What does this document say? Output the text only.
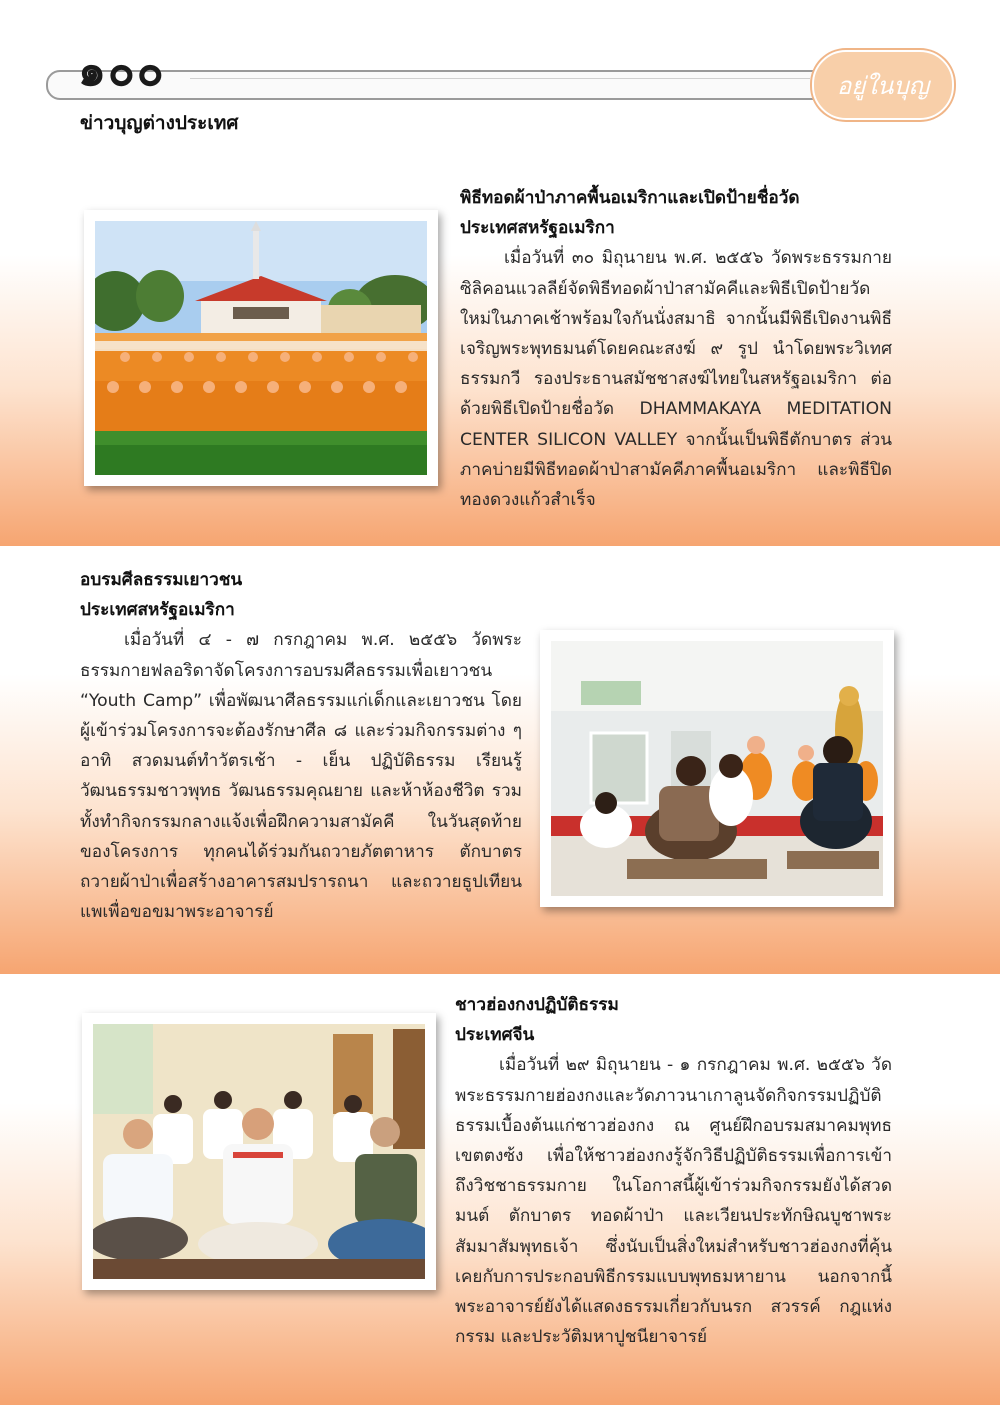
๑๐๐	อยู่ในบุญ
ข่าวบุญต่างประเทศ
พิธีทอดผ้าป่าภาคพื้นอเมริกาและเปิดป้ายชื่อวัด
ประเทศสหรัฐอเมริกา

เมื่อวันที่ ๓๐ มิถุนายน พ.ศ. ๒๕๕๖ วัดพระธรรมกายซิลิคอนแวลลีย์จัดพิธีทอดผ้าป่าสามัคคีและพิธีเปิดป้ายวัดใหม่ในภาคเช้าพร้อมใจกันนั่งสมาธิ จากนั้นมีพิธีเปิดงานพิธีเจริญพระพุทธมนต์โดยคณะสงฆ์ ๙ รูป นำโดยพระวิเทศธรรมกวี รองประธานสมัชชาสงฆ์ไทยในสหรัฐอเมริกา ต่อด้วยพิธีเปิดป้ายชื่อวัด DHAMMAKAYA MEDITATION CENTER SILICON VALLEY จากนั้นเป็นพิธีตักบาตร ส่วนภาคบ่ายมีพิธีทอดผ้าป่าสามัคคีภาคพื้นอเมริกา และพิธีปิดทองดวงแก้วสำเร็จ

อบรมศีลธรรมเยาวชน
ประเทศสหรัฐอเมริกา

เมื่อวันที่ ๔ - ๗ กรกฎาคม พ.ศ. ๒๕๕๖ วัดพระธรรมกายฟลอริดาจัดโครงการอบรมศีลธรรมเพื่อเยาวชน “Youth Camp” เพื่อพัฒนาศีลธรรมแก่เด็กและเยาวชน โดยผู้เข้าร่วมโครงการจะต้องรักษาศีล ๘ และร่วมกิจกรรมต่าง ๆ อาทิ สวดมนต์ทำวัตรเช้า - เย็น ปฏิบัติธรรม เรียนรู้วัฒนธรรมชาวพุทธ วัฒนธรรมคุณยาย และห้าห้องชีวิต รวมทั้งทำกิจกรรมกลางแจ้งเพื่อฝึกความสามัคคี ในวันสุดท้ายของโครงการ ทุกคนได้ร่วมกันถวายภัตตาหาร ตักบาตร ถวายผ้าป่าเพื่อสร้างอาคารสมปรารถนา และถวายธูปเทียนแพเพื่อขอขมาพระอาจารย์

ชาวฮ่องกงปฏิบัติธรรม
ประเทศจีน

เมื่อวันที่ ๒๙ มิถุนายน - ๑ กรกฎาคม พ.ศ. ๒๕๕๖ วัดพระธรรมกายฮ่องกงและวัดภาวนาเกาลูนจัดกิจกรรมปฏิบัติธรรมเบื้องต้นแก่ชาวฮ่องกง ณ ศูนย์ฝึกอบรมสมาคมพุทธเขตตงซ้ง เพื่อให้ชาวฮ่องกงรู้จักวิธีปฏิบัติธรรมเพื่อการเข้าถึงวิชชาธรรมกาย ในโอกาสนี้ผู้เข้าร่วมกิจกรรมยังได้สวดมนต์ ตักบาตร ทอดผ้าป่า และเวียนประทักษิณบูชาพระสัมมาสัมพุทธเจ้า ซึ่งนับเป็นสิ่งใหม่สำหรับชาวฮ่องกงที่คุ้นเคยกับการประกอบพิธีกรรมแบบพุทธมหายาน นอกจากนี้พระอาจารย์ยังได้แสดงธรรมเกี่ยวกับนรก สวรรค์ กฎแห่งกรรม และประวัติมหาปูชนียาจารย์
